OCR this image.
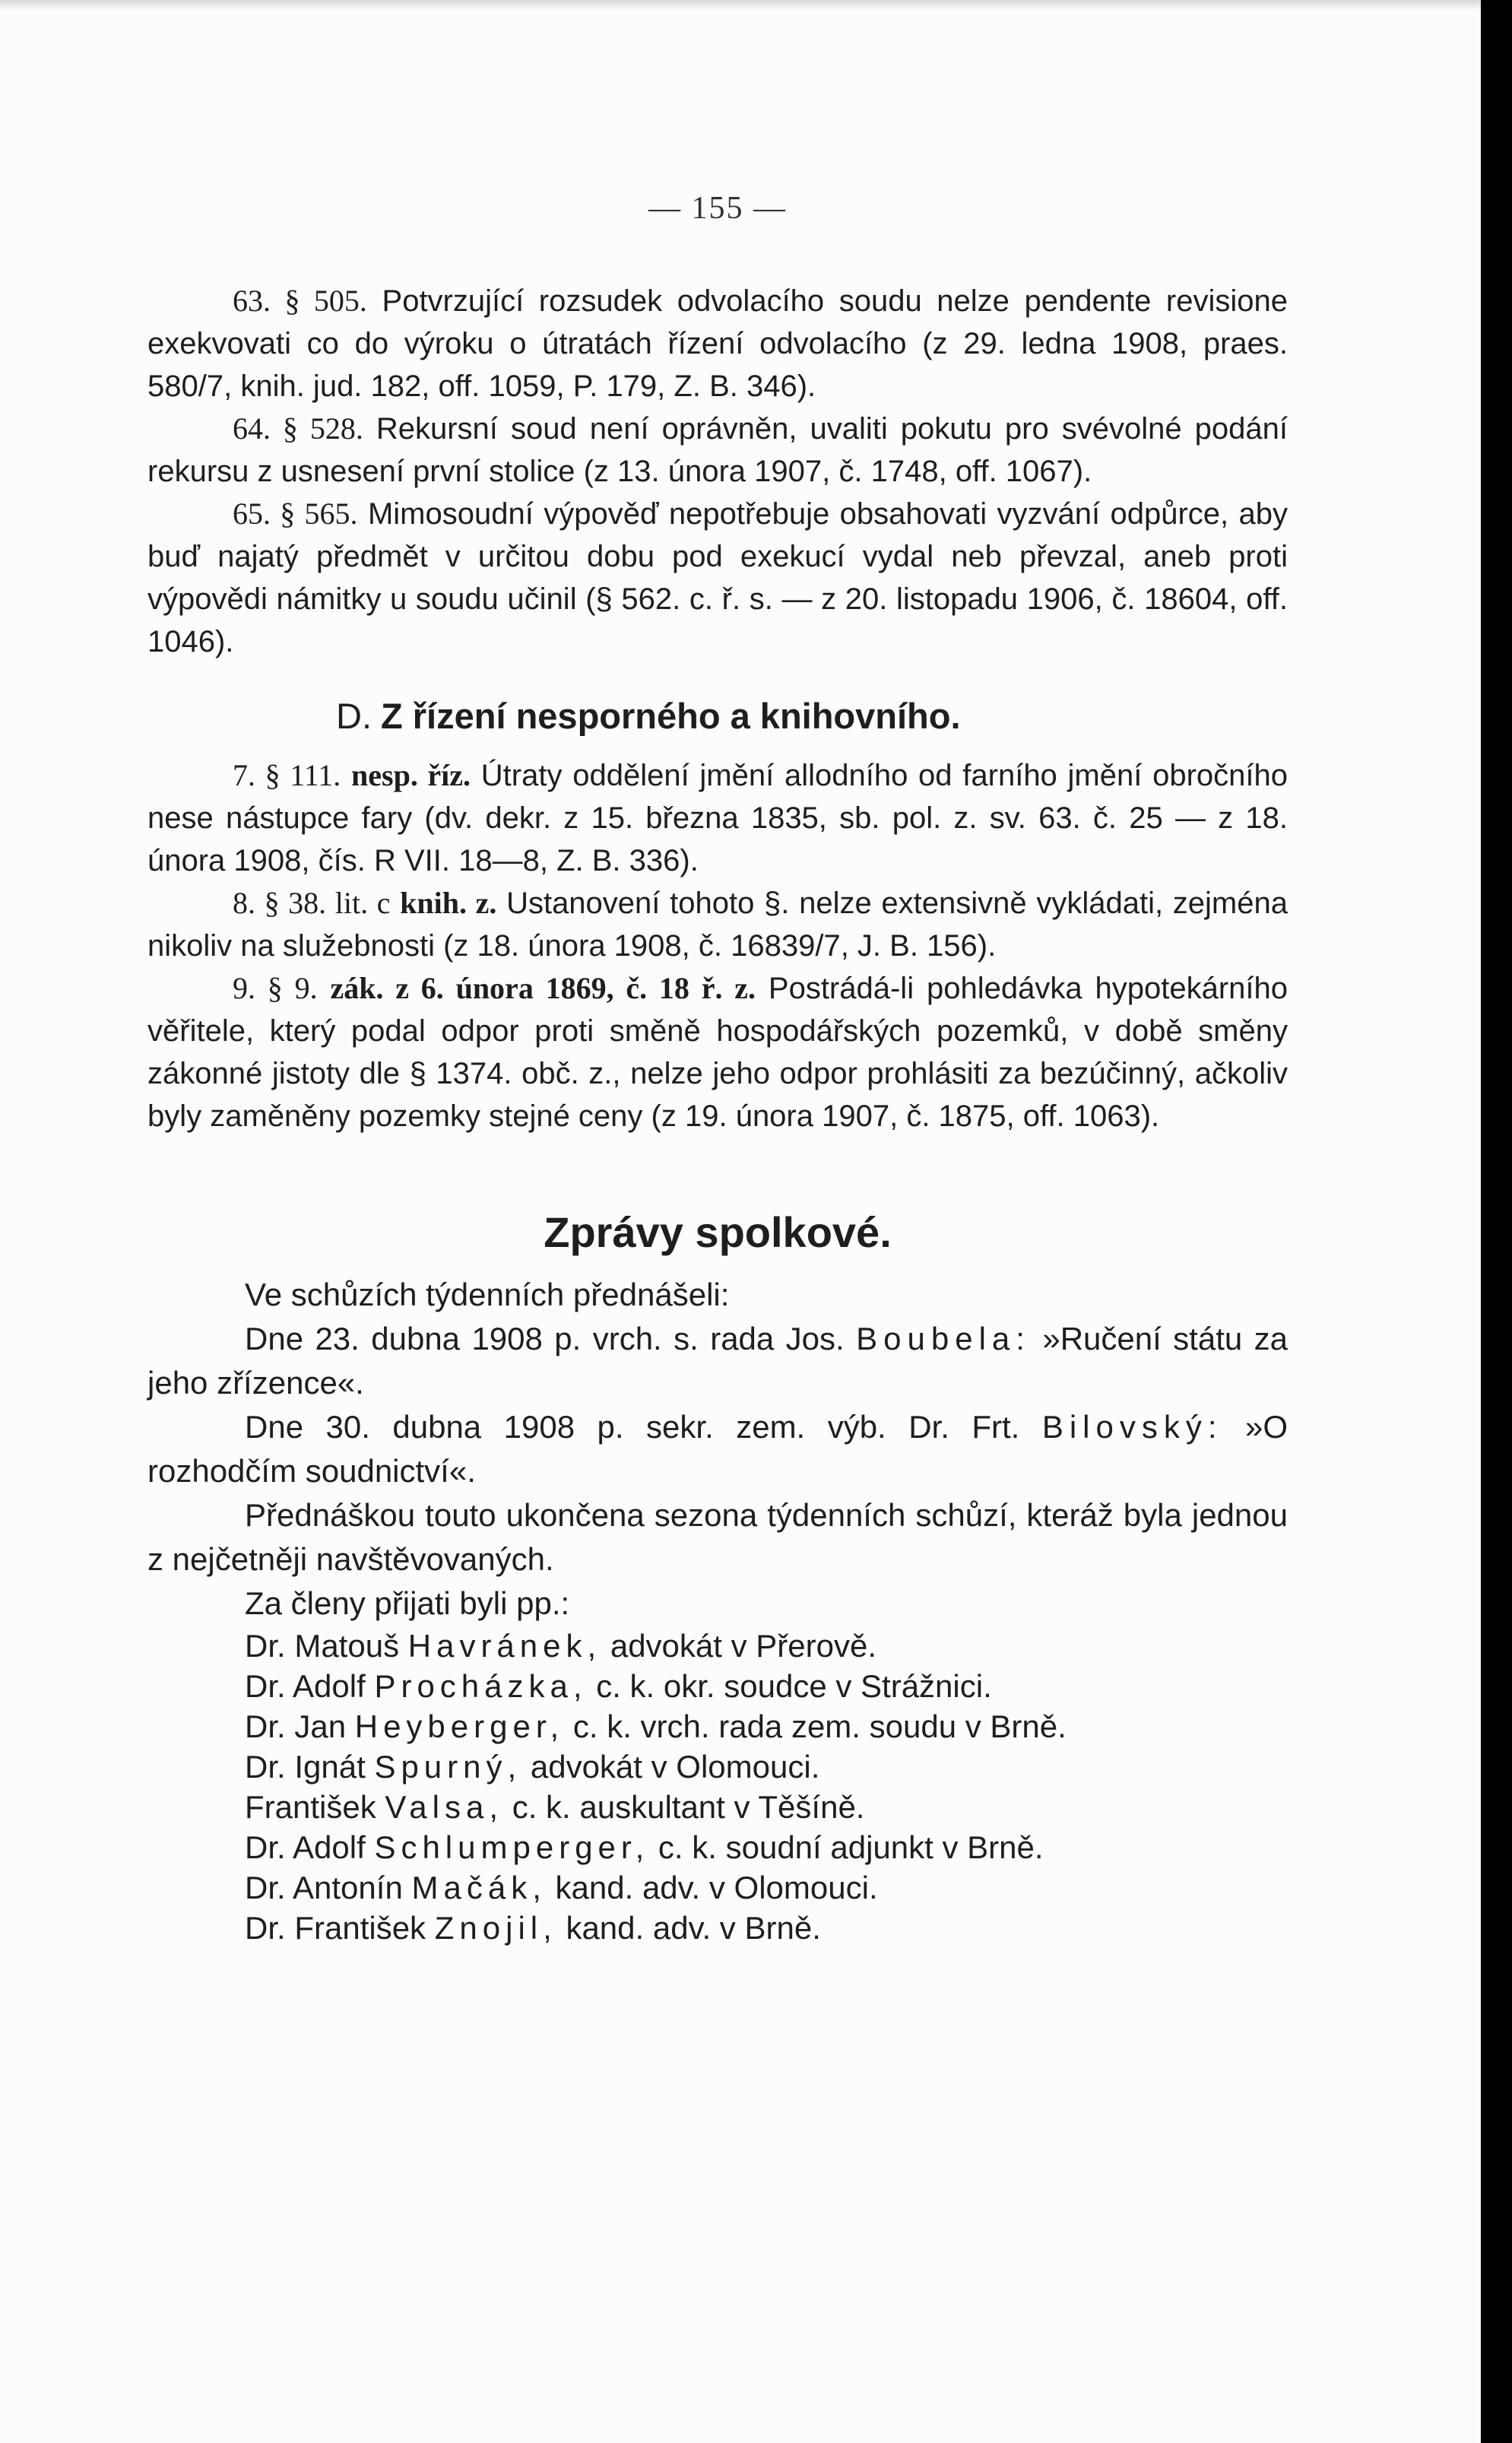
— 155 —

63. § 505. Potvrzující rozsudek odvolacího soudu nelze pendente revisione exekvovati co do výroku o útratách řízení odvolacího (z 29. ledna 1908, praes. 580/7, knih. jud. 182, off. 1059, P. 179, Z. B. 346).

64. § 528. Rekursní soud není oprávněn, uvaliti pokutu pro svévolné podání rekursu z usnesení první stolice (z 13. února 1907, č. 1748, off. 1067).

65. § 565. Mimosoudní výpověď nepotřebuje obsahovati vyzvání odpůrce, aby buď najatý předmět v určitou dobu pod exekucí vydal neb převzal, aneb proti výpovědi námitky u soudu učinil (§ 562. c. ř. s. — z 20. listopadu 1906, č. 18604, off. 1046).

D. Z řízení nesporného a knihovního.

7. § 111. nesp. říz. Útraty oddělení jmění allodního od farního jmění obročního nese nástupce fary (dv. dekr. z 15. března 1835, sb. pol. z. sv. 63. č. 25 — z 18. února 1908, čís. R VII. 18—8, Z. B. 336).

8. § 38. lit. c knih. z. Ustanovení tohoto §. nelze extensivně vykládati, zejména nikoliv na služebnosti (z 18. února 1908, č. 16839/7, J. B. 156).

9. § 9. zák. z 6. února 1869, č. 18 ř. z. Postrádá-li pohledávka hypotekárního věřitele, který podal odpor proti směně hospodářských pozemků, v době směny zákonné jistoty dle § 1374. obč. z., nelze jeho odpor prohlásiti za bezúčinný, ačkoliv byly zaměněny pozemky stejné ceny (z 19. února 1907, č. 1875, off. 1063).

Zprávy spolkové.

Ve schůzích týdenních přednášeli:

Dne 23. dubna 1908 p. vrch. s. rada Jos. Boubela: »Ručení státu za jeho zřízence«.

Dne 30. dubna 1908 p. sekr. zem. výb. Dr. Frt. Bilovský: »O rozhodčím soudnictví«.

Přednáškou touto ukončena sezona týdenních schůzí, kteráž byla jednou z nejčetněji navštěvovaných.

Za členy přijati byli pp.:

Dr. Matouš Havránek, advokát v Přerově.
Dr. Adolf Procházka, c. k. okr. soudce v Strážnici.
Dr. Jan Heyberger, c. k. vrch. rada zem. soudu v Brně.
Dr. Ignát Spurný, advokát v Olomouci.
František Valsa, c. k. auskultant v Těšíně.
Dr. Adolf Schlumperger, c. k. soudní adjunkt v Brně.
Dr. Antonín Mačák, kand. adv. v Olomouci.
Dr. František Znojil, kand. adv. v Brně.
